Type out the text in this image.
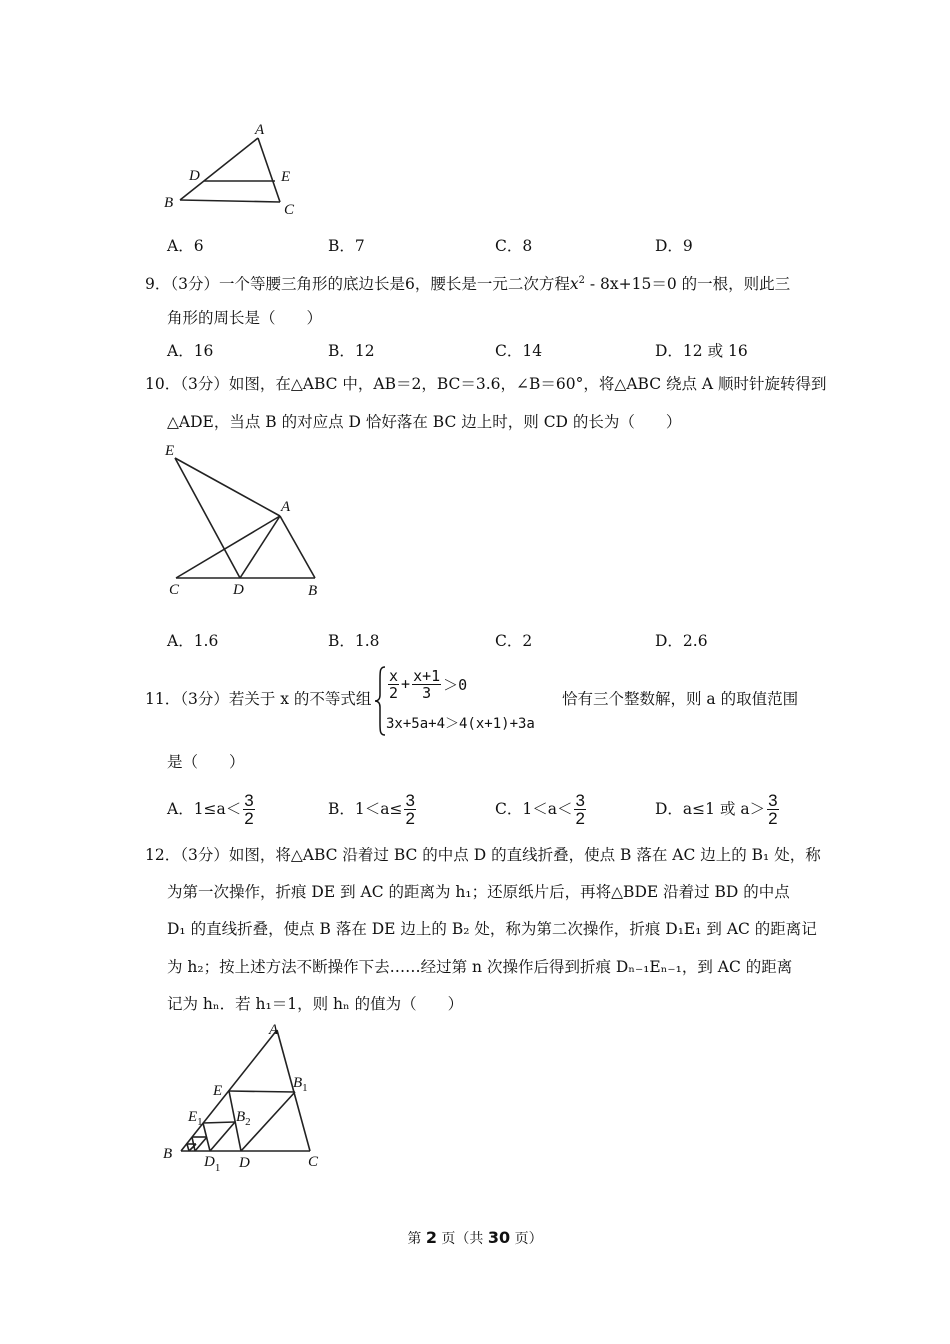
A
D	E
B	C
A．6	B．7	C．8	D．9
9．（3分）一个等腰三角形的底边长是6，腰长是一元二次方程$x^2 - 8x+15=0$ 的一根，则此三
角形的周长是（　　）
A．16	B．12	C．14	D．12 或 16
10．（3分）如图，在△ABC 中，AB＝2，BC＝3.6，∠B＝60°，将△ABC 绕点 A 顺时针旋转得到
△ADE，当点 B 的对应点 D 恰好落在 BC 边上时，则 CD 的长为（　　）
E
A
C	D	B
A．1.6	B．1.8	C．2	D．2.6
11．（3分）若关于 x 的不等式组 $\frac{x}{2} + \frac{x+1}{3} >0$
3x+5a+4＞4(x+1)+3a
恰有三个整数解，则 a 的取值范围
是（　　）
A．$1\le a< \frac{3}{2}$	B．$1<a\le \frac{3}{2}$	C．$1<a< \frac{3}{2}$	D．a≤1 或 $a> \frac{3}{2}$
12．（3分）如图，将△ABC 沿着过 BC 的中点 D 的直线折叠，使点 B 落在 AC 边上的 B₁ 处，称
为第一次操作，折痕 DE 到 AC 的距离为 h₁；还原纸片后，再将△BDE 沿着过 BD 的中点
D₁ 的直线折叠，使点 B 落在 DE 边上的 B₂ 处，称为第二次操作，折痕 D₁E₁ 到 AC 的距离记
为 h₂；按上述方法不断操作下去……经过第 n 次操作后得到折痕 Dₙ₋₁Eₙ₋₁，到 AC 的距离
记为 hₙ．若 h₁＝1，则 hₙ 的值为（　　）
A
E	$B_1$
$E_1$ $B_2$
B $D_1$ D	C
第 2 页（共 30 页）
